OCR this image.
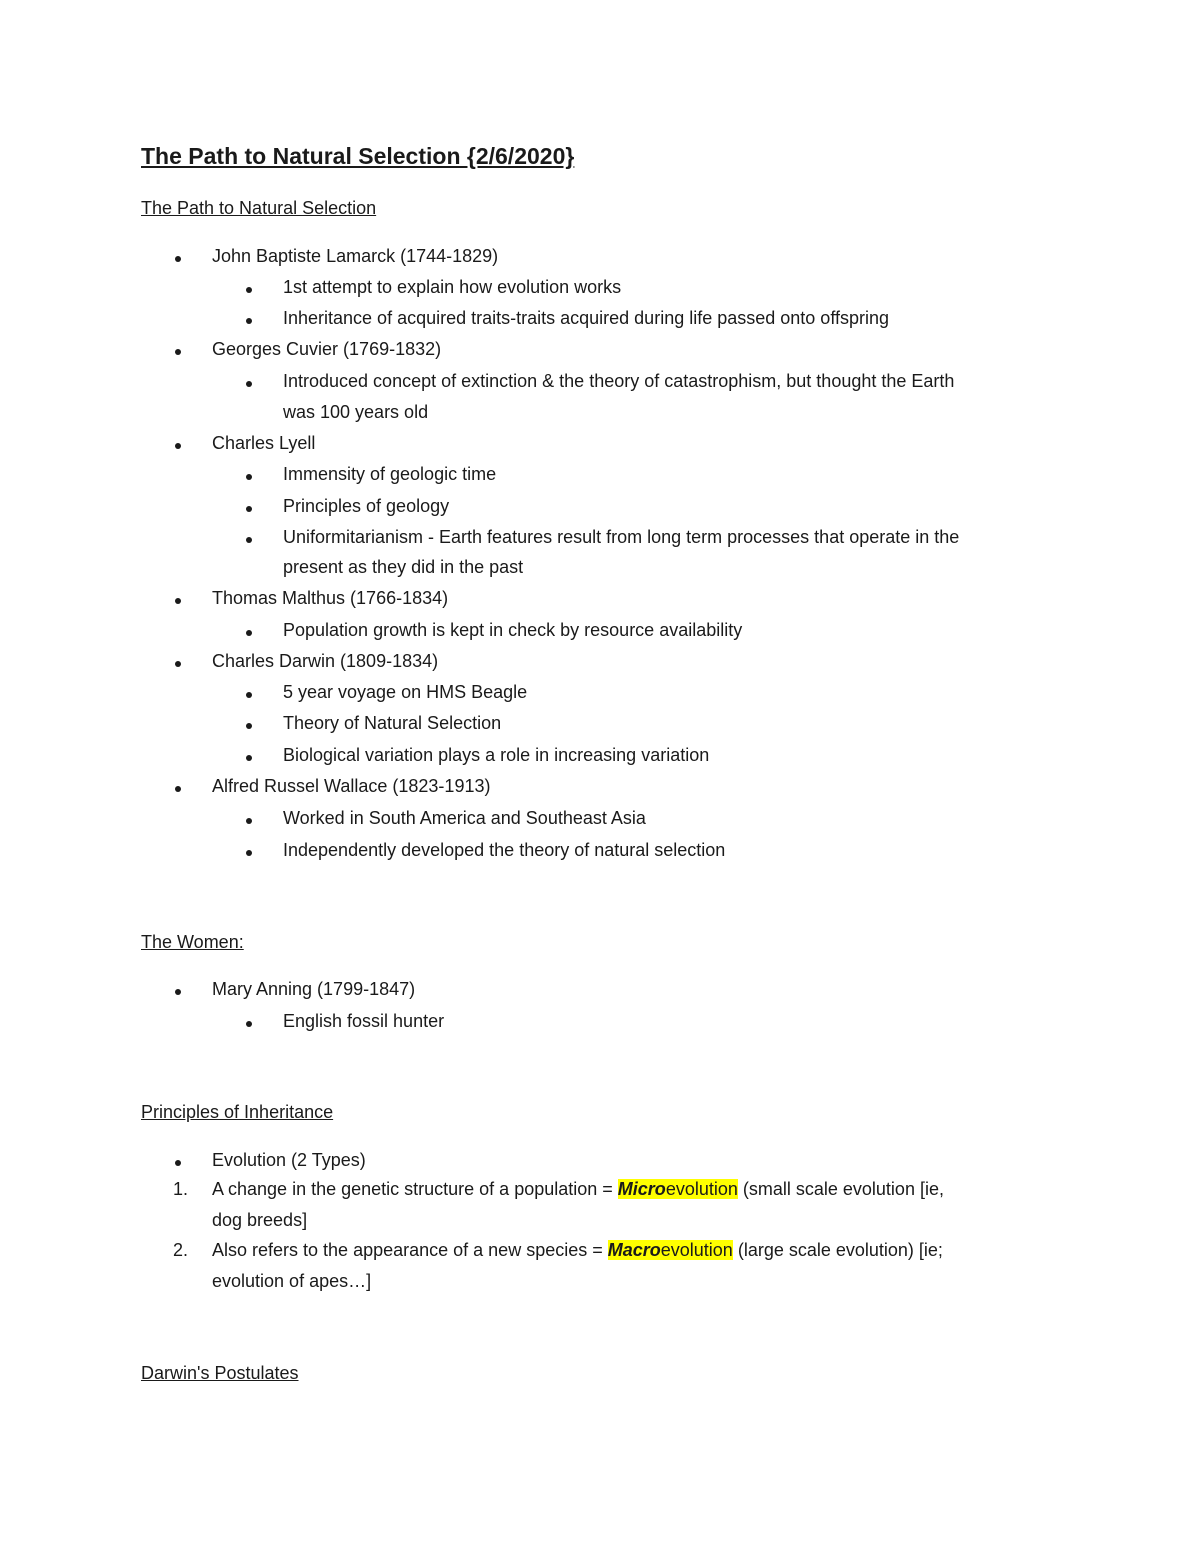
The Path to Natural Selection {2/6/2020}
The Path to Natural Selection
John Baptiste Lamarck (1744-1829)
1st attempt to explain how evolution works
Inheritance of acquired traits-traits acquired during life passed onto offspring
Georges Cuvier (1769-1832)
Introduced concept of extinction & the theory of catastrophism, but thought the Earth
was 100 years old
Charles Lyell
Immensity of geologic time
Principles of geology
Uniformitarianism - Earth features result from long term processes that operate in the
present as they did in the past
Thomas Malthus (1766-1834)
Population growth is kept in check by resource availability
Charles Darwin (1809-1834)
5 year voyage on HMS Beagle
Theory of Natural Selection
Biological variation plays a role in increasing variation
Alfred Russel Wallace (1823-1913)
Worked in South America and Southeast Asia
Independently developed the theory of natural selection
The Women:
Mary Anning (1799-1847)
English fossil hunter
Principles of Inheritance
Evolution (2 Types)
1. A change in the genetic structure of a population = Microevolution (small scale evolution [ie,
dog breeds]
2. Also refers to the appearance of a new species = Macroevolution (large scale evolution) [ie;
evolution of apes…]
Darwin's Postulates
